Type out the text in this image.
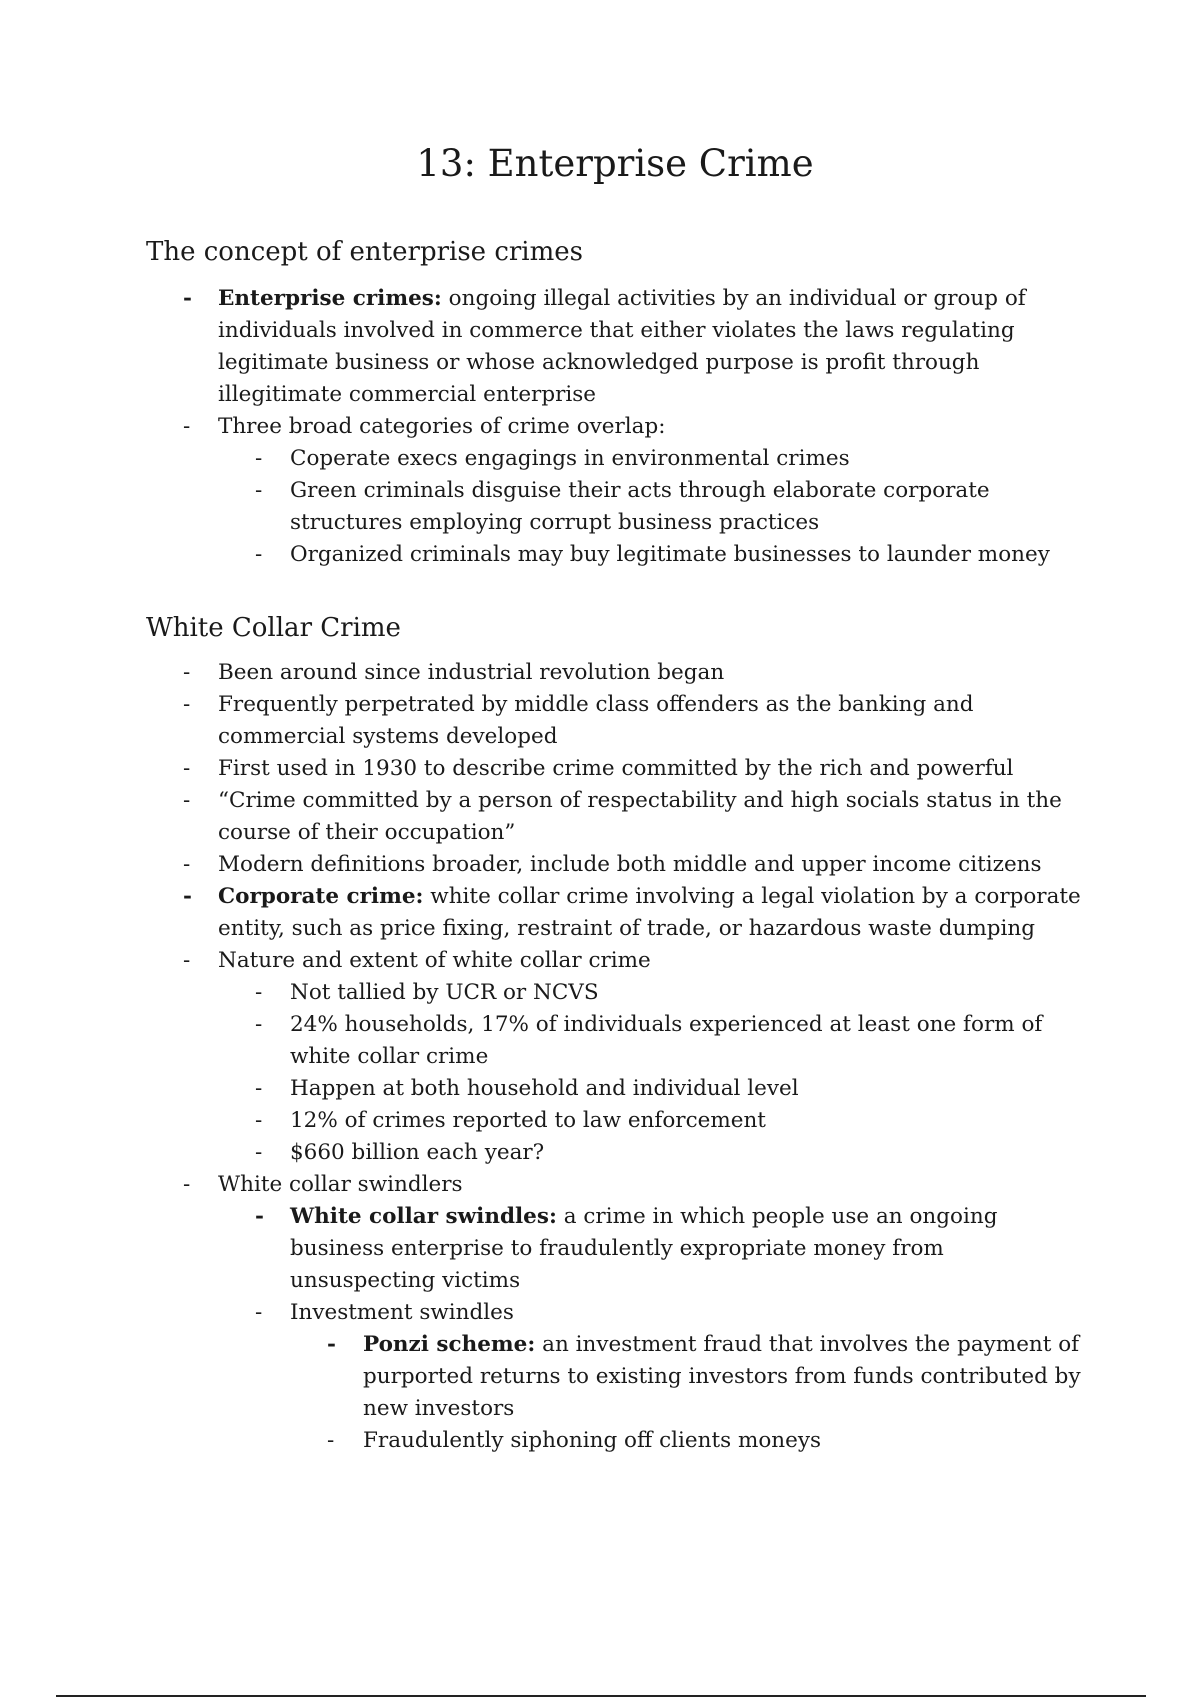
13: Enterprise Crime
The concept of enterprise crimes
- Enterprise crimes: ongoing illegal activities by an individual or group of individuals involved in commerce that either violates the laws regulating legitimate business or whose acknowledged purpose is profit through illegitimate commercial enterprise
- Three broad categories of crime overlap:
- Coperate execs engagings in environmental crimes
- Green criminals disguise their acts through elaborate corporate structures employing corrupt business practices
- Organized criminals may buy legitimate businesses to launder money
White Collar Crime
- Been around since industrial revolution began
- Frequently perpetrated by middle class offenders as the banking and commercial systems developed
- First used in 1930 to describe crime committed by the rich and powerful
- “Crime committed by a person of respectability and high socials status in the course of their occupation”
- Modern definitions broader, include both middle and upper income citizens
- Corporate crime: white collar crime involving a legal violation by a corporate entity, such as price fixing, restraint of trade, or hazardous waste dumping
- Nature and extent of white collar crime
- Not tallied by UCR or NCVS
- 24% households, 17% of individuals experienced at least one form of white collar crime
- Happen at both household and individual level
- 12% of crimes reported to law enforcement
- $660 billion each year?
- White collar swindlers
- White collar swindles: a crime in which people use an ongoing business enterprise to fraudulently expropriate money from unsuspecting victims
- Investment swindles
- Ponzi scheme: an investment fraud that involves the payment of purported returns to existing investors from funds contributed by new investors
- Fraudulently siphoning off clients moneys
